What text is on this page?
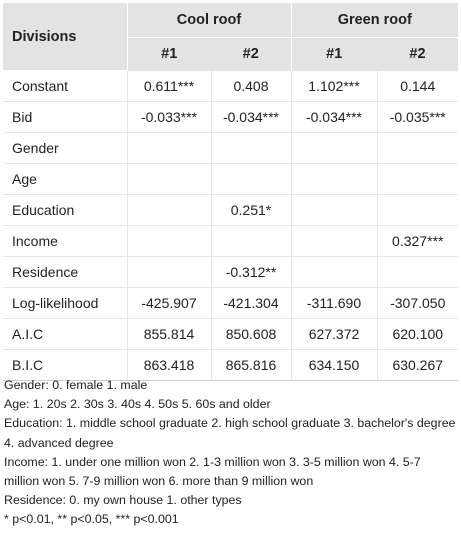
Divisions	Cool roof		Green roof	
	#1	#2	#1	#2
Constant	0.611***	0.408	1.102***	0.144
Bid	-0.033***	-0.034***	-0.034***	-0.035***
Gender				
Age				
Education		0.251*		
Income				0.327***
Residence		-0.312**		
Log-likelihood	-425.907	-421.304	-311.690	-307.050
A.I.C	855.814	850.608	627.372	620.100
B.I.C	863.418	865.816	634.150	630.267
Gender: 0. female 1. male
Age: 1. 20s 2. 30s 3. 40s 4. 50s 5. 60s and older
Education: 1. middle school graduate 2. high school graduate 3. bachelor's degree 4. advanced degree
Income: 1. under one million won 2. 1-3 million won 3. 3-5 million won 4. 5-7 million won 5. 7-9 million won 6. more than 9 million won
Residence: 0. my own house 1. other types
* p<0.01, ** p<0.05, *** p<0.001
